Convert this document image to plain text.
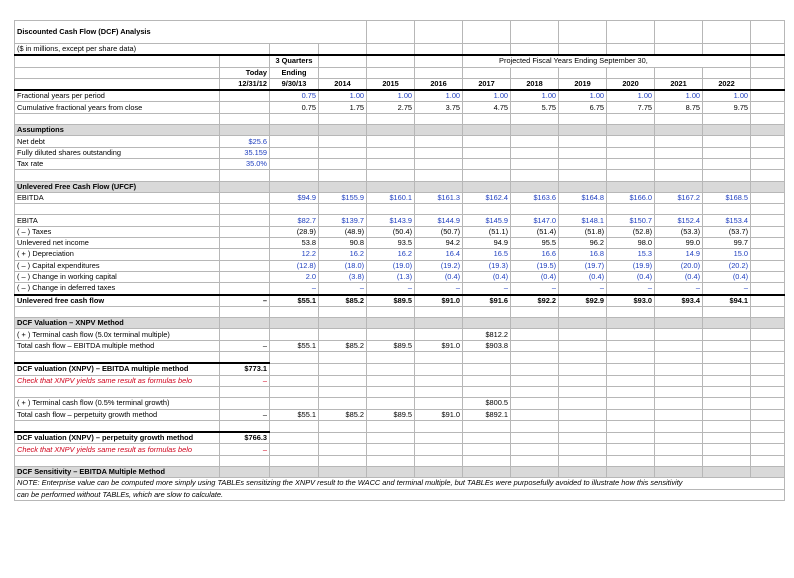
Discounted Cash Flow (DCF) Analysis												
($ in millions, except per share data)												
		3 Quarters				Projected Fiscal Years Ending September 30,						
	Today	Ending										
	12/31/12	9/30/13	2014	2015	2016	2017	2018	2019	2020	2021	2022	
Fractional years per period		0.75	1.00	1.00	1.00	1.00	1.00	1.00	1.00	1.00	1.00	
Cumulative fractional years from close		0.75	1.75	2.75	3.75	4.75	5.75	6.75	7.75	8.75	9.75	

Assumptions												
Net debt	$25.6											
Fully diluted shares outstanding	35.159											
Tax rate	35.0%											

Unlevered Free Cash Flow (UFCF)												
EBITDA		$94.9	$155.9	$160.1	$161.3	$162.4	$163.6	$164.8	$166.0	$167.2	$168.5	

EBITA		$82.7	$139.7	$143.9	$144.9	$145.9	$147.0	$148.1	$150.7	$152.4	$153.4	
( – ) Taxes		(28.9)	(48.9)	(50.4)	(50.7)	(51.1)	(51.4)	(51.8)	(52.8)	(53.3)	(53.7)	
Unlevered net income		53.8	90.8	93.5	94.2	94.9	95.5	96.2	98.0	99.0	99.7	
( + ) Depreciation		12.2	16.2	16.2	16.4	16.5	16.6	16.8	15.3	14.9	15.0	
( – ) Capital expenditures		(12.8)	(18.0)	(19.0)	(19.2)	(19.3)	(19.5)	(19.7)	(19.9)	(20.0)	(20.2)	
( – ) Change in working capital		2.0	(3.8)	(1.3)	(0.4)	(0.4)	(0.4)	(0.4)	(0.4)	(0.4)	(0.4)	
( – ) Change in deferred taxes		–	–	–	–	–	–	–	–	–	–	
Unlevered free cash flow	–	$55.1	$85.2	$89.5	$91.0	$91.6	$92.2	$92.9	$93.0	$93.4	$94.1	

DCF Valuation – XNPV Method												
( + ) Terminal cash flow (5.0x terminal multiple)						$812.2						
Total cash flow – EBITDA multiple method	–	$55.1	$85.2	$89.5	$91.0	$903.8						

DCF valuation (XNPV) – EBITDA multiple method	$773.1											
Check that XNPV yields same result as formulas belo	–											

( + ) Terminal cash flow (0.5% terminal growth)						$800.5						
Total cash flow – perpetuity growth method	–	$55.1	$85.2	$89.5	$91.0	$892.1						

DCF valuation (XNPV) – perpetuity growth method	$766.3											
Check that XNPV yields same result as formulas belo	–											

DCF Sensitivity – EBITDA Multiple Method												
NOTE: Enterprise value can be computed more simply using TABLEs sensitizing the XNPV result to the WACC and terminal multiple, but TABLEs were purposefully avoided to illustrate how this sensitivity												
can be performed without TABLEs, which are slow to calculate.												
